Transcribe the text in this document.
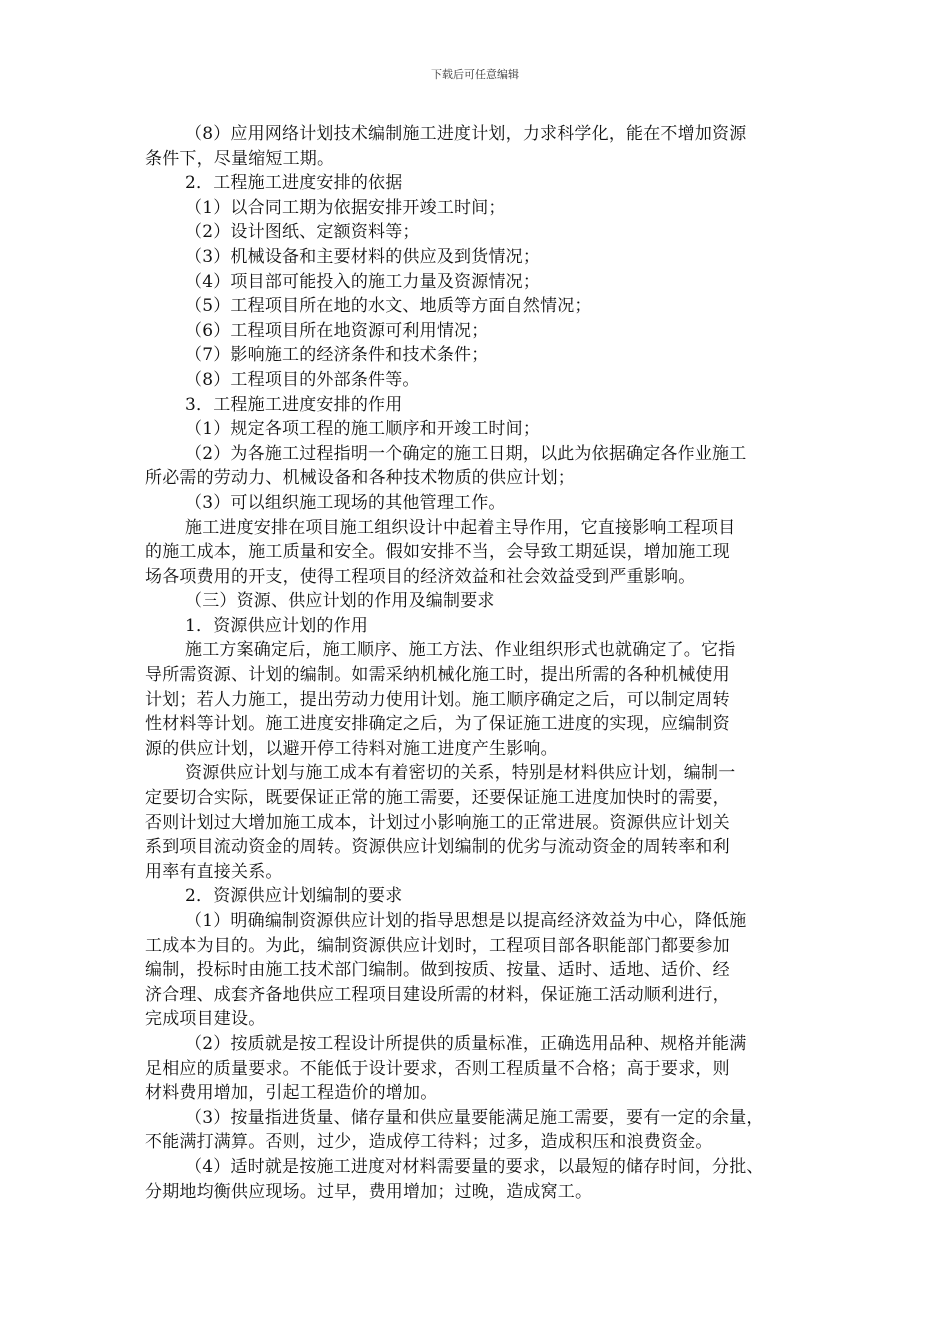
下载后可任意编辑
（8）应用网络计划技术编制施工进度计划，力求科学化，能在不增加资源
条件下，尽量缩短工期。
2．工程施工进度安排的依据
（1）以合同工期为依据安排开竣工时间；
（2）设计图纸、定额资料等；
（3）机械设备和主要材料的供应及到货情况；
（4）项目部可能投入的施工力量及资源情况；
（5）工程项目所在地的水文、地质等方面自然情况；
（6）工程项目所在地资源可利用情况；
（7）影响施工的经济条件和技术条件；
（8）工程项目的外部条件等。
3．工程施工进度安排的作用
（1）规定各项工程的施工顺序和开竣工时间；
（2）为各施工过程指明一个确定的施工日期，以此为依据确定各作业施工
所必需的劳动力、机械设备和各种技术物质的供应计划；
（3）可以组织施工现场的其他管理工作。
施工进度安排在项目施工组织设计中起着主导作用，它直接影响工程项目
的施工成本，施工质量和安全。假如安排不当，会导致工期延误，增加施工现
场各项费用的开支，使得工程项目的经济效益和社会效益受到严重影响。
（三）资源、供应计划的作用及编制要求
1．资源供应计划的作用
施工方案确定后，施工顺序、施工方法、作业组织形式也就确定了。它指
导所需资源、计划的编制。如需采纳机械化施工时，提出所需的各种机械使用
计划；若人力施工，提出劳动力使用计划。施工顺序确定之后，可以制定周转
性材料等计划。施工进度安排确定之后，为了保证施工进度的实现，应编制资
源的供应计划，以避开停工待料对施工进度产生影响。
资源供应计划与施工成本有着密切的关系，特别是材料供应计划，编制一
定要切合实际，既要保证正常的施工需要，还要保证施工进度加快时的需要，
否则计划过大增加施工成本，计划过小影响施工的正常进展。资源供应计划关
系到项目流动资金的周转。资源供应计划编制的优劣与流动资金的周转率和利
用率有直接关系。
2．资源供应计划编制的要求
（1）明确编制资源供应计划的指导思想是以提高经济效益为中心，降低施
工成本为目的。为此，编制资源供应计划时，工程项目部各职能部门都要参加
编制，投标时由施工技术部门编制。做到按质、按量、适时、适地、适价、经
济合理、成套齐备地供应工程项目建设所需的材料，保证施工活动顺利进行，
完成项目建设。
（2）按质就是按工程设计所提供的质量标准，正确选用品种、规格并能满
足相应的质量要求。不能低于设计要求，否则工程质量不合格；高于要求，则
材料费用增加，引起工程造价的增加。
（3）按量指进货量、储存量和供应量要能满足施工需要，要有一定的余量，
不能满打满算。否则，过少，造成停工待料；过多，造成积压和浪费资金。
（4）适时就是按施工进度对材料需要量的要求，以最短的储存时间，分批、
分期地均衡供应现场。过早，费用增加；过晚，造成窝工。
